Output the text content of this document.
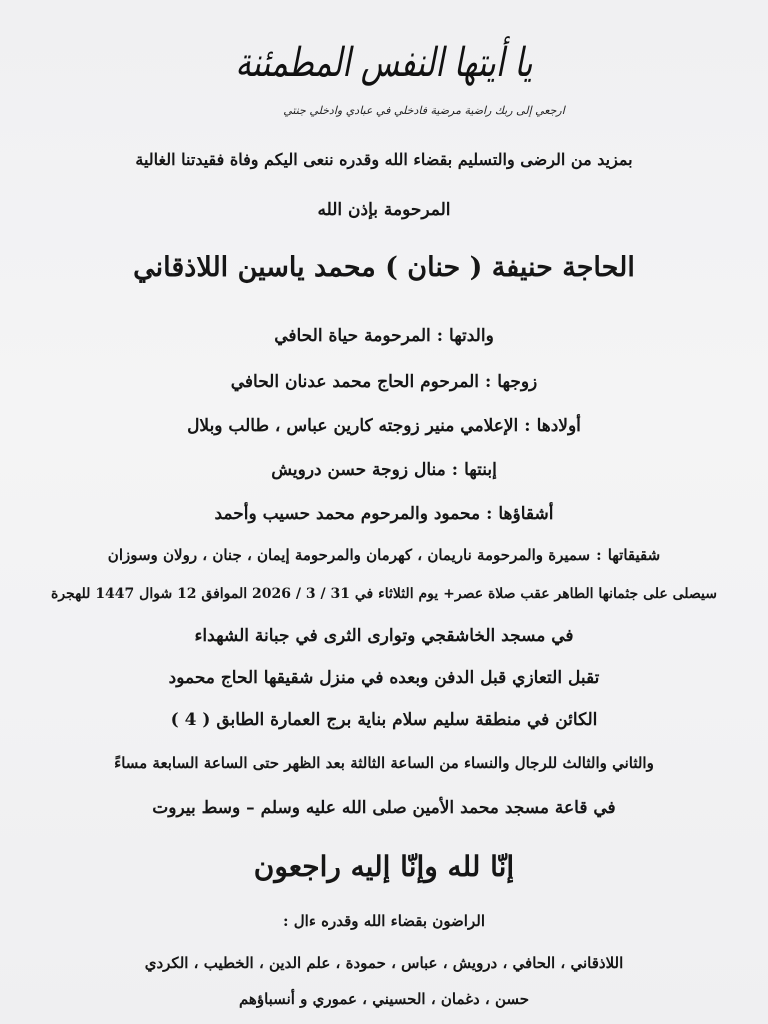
يا أيتها النفس المطمئنة
ارجعي إلى ربك راضية مرضية فادخلي في عبادي وادخلي جنتي
بمزيد من الرضى والتسليم بقضاء الله وقدره ننعى اليكم وفاة فقيدتنا الغالية
المرحومة بإذن الله
الحاجة حنيفة ( حنان ) محمد ياسين اللاذقاني
والدتها:المرحومة حياة الحافي
زوجها:المرحوم الحاج محمد عدنان الحافي
أولادها:الإعلامي منير زوجته كارين عباس ، طالب وبلال
إبنتها:منال زوجة حسن درويش
أشقاؤها:محمود والمرحوم محمد حسيب وأحمد
شقيقاتها:سميرة والمرحومة ناريمان ، كهرمان والمرحومة إيمان ، جنان ، رولان وسوزان
سيصلى على جثمانها الطاهر عقب صلاة عصر+ يوم الثلاثاء في 31 / 3 / 2026 الموافق 12 شوال 1447 للهجرة
في مسجد الخاشقجي وتوارى الثرى في جبانة الشهداء
تقبل التعازي قبل الدفن وبعده في منزل شقيقها الحاج محمود
الكائن في منطقة سليم سلام بناية برج العمارة الطابق ( 4 )
والثاني والثالث للرجال والنساء من الساعة الثالثة بعد الظهر حتى الساعة السابعة مساءً
في قاعة مسجد محمد الأمين صلى الله عليه وسلم – وسط بيروت
إنّا لله وإنّا إليه راجعون
الراضون بقضاء الله وقدره ءال :
اللاذقاني ، الحافي ، درويش ، عباس ، حمودة ، علم الدين ، الخطيب ، الكردي
حسن ، دغمان ، الحسيني ، عموري و أنسباؤهم
